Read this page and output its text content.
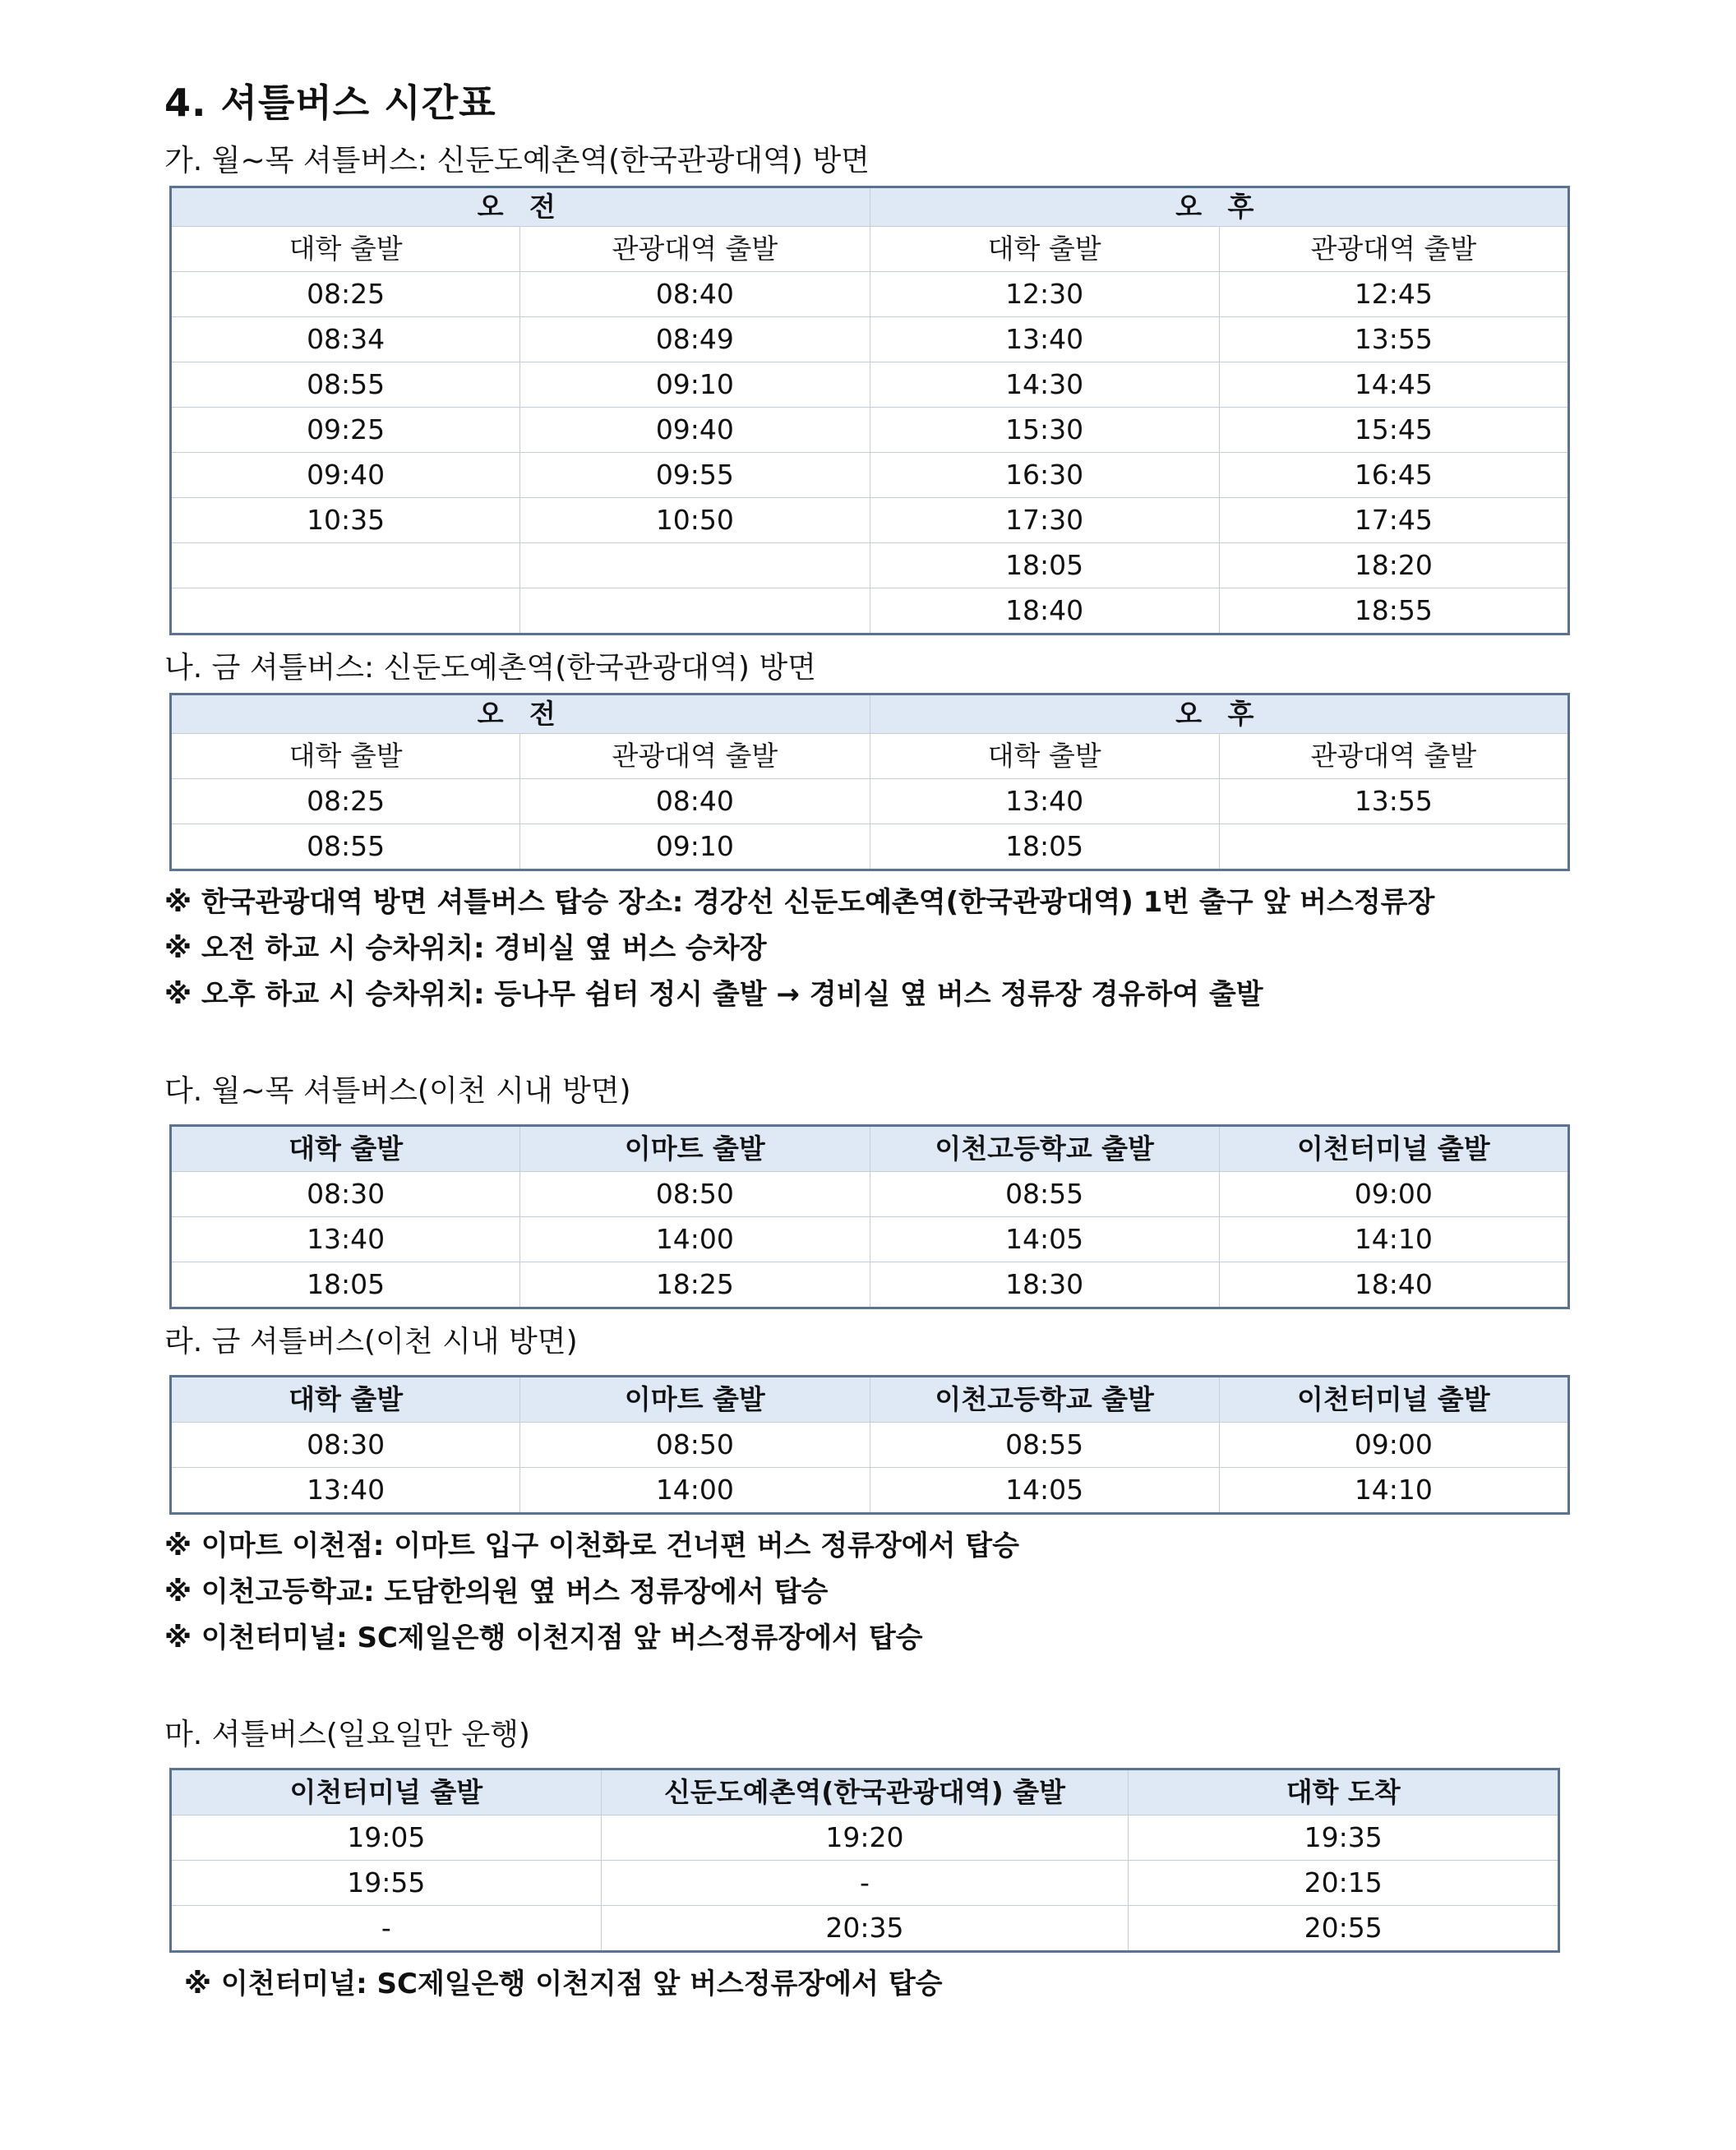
4. 셔틀버스 시간표

가. 월~목 셔틀버스: 신둔도예촌역(한국관광대역) 방면

오 전		오 후	
대학 출발	관광대역 출발	대학 출발	관광대역 출발
08:25	08:40	12:30	12:45
08:34	08:49	13:40	13:55
08:55	09:10	14:30	14:45
09:25	09:40	15:30	15:45
09:40	09:55	16:30	16:45
10:35	10:50	17:30	17:45
		18:05	18:20
		18:40	18:55

나. 금 셔틀버스: 신둔도예촌역(한국관광대역) 방면

오 전		오 후	
대학 출발	관광대역 출발	대학 출발	관광대역 출발
08:25	08:40	13:40	13:55
08:55	09:10	18:05	

※ 한국관광대역 방면 셔틀버스 탑승 장소: 경강선 신둔도예촌역(한국관광대역) 1번 출구 앞 버스정류장

※ 오전 하교 시 승차위치: 경비실 옆 버스 승차장

※ 오후 하교 시 승차위치: 등나무 쉼터 정시 출발 → 경비실 옆 버스 정류장 경유하여 출발

다. 월~목 셔틀버스(이천 시내 방면)

대학 출발	이마트 출발	이천고등학교 출발	이천터미널 출발
08:30	08:50	08:55	09:00
13:40	14:00	14:05	14:10
18:05	18:25	18:30	18:40

라. 금 셔틀버스(이천 시내 방면)

대학 출발	이마트 출발	이천고등학교 출발	이천터미널 출발
08:30	08:50	08:55	09:00
13:40	14:00	14:05	14:10

※ 이마트 이천점: 이마트 입구 이천화로 건너편 버스 정류장에서 탑승

※ 이천고등학교: 도담한의원 옆 버스 정류장에서 탑승

※ 이천터미널: SC제일은행 이천지점 앞 버스정류장에서 탑승

마. 셔틀버스(일요일만 운행)

이천터미널 출발	신둔도예촌역(한국관광대역) 출발	대학 도착
19:05	19:20	19:35
19:55	-	20:15
-	20:35	20:55

※ 이천터미널: SC제일은행 이천지점 앞 버스정류장에서 탑승
